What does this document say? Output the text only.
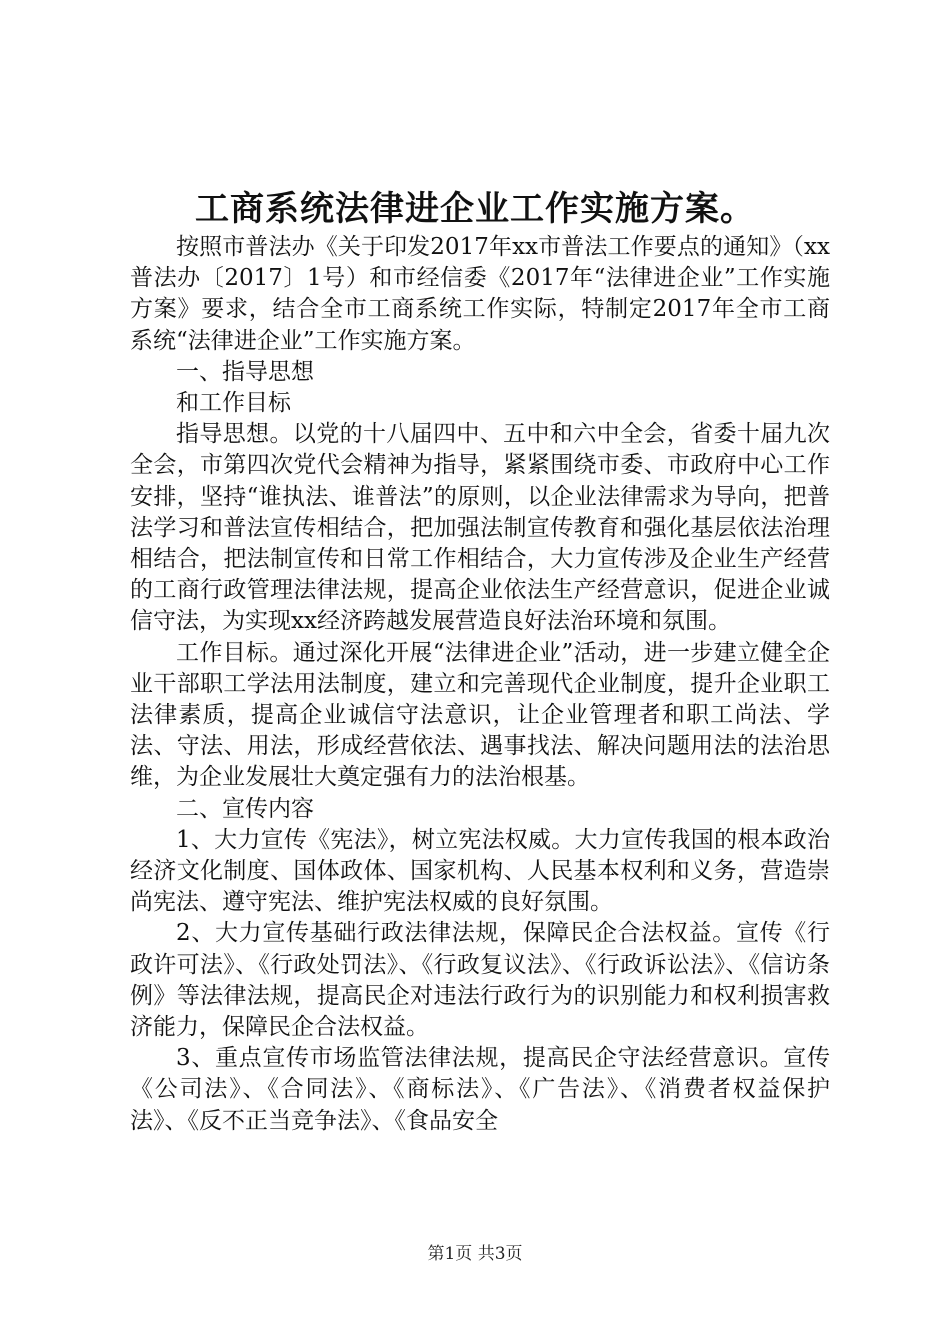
工商系统法律进企业工作实施方案。

按照市普法办《关于印发2017年xx市普法工作要点的通知》（xx普法办〔2017〕1号）和市经信委《2017年“法律进企业”工作实施方案》要求，结合全市工商系统工作实际，特制定2017年全市工商系统“法律进企业”工作实施方案。

一、指导思想

和工作目标

指导思想。以党的十八届四中、五中和六中全会，省委十届九次全会，市第四次党代会精神为指导，紧紧围绕市委、市政府中心工作安排，坚持“谁执法、谁普法”的原则，以企业法律需求为导向，把普法学习和普法宣传相结合，把加强法制宣传教育和强化基层依法治理相结合，把法制宣传和日常工作相结合，大力宣传涉及企业生产经营的工商行政管理法律法规，提高企业依法生产经营意识，促进企业诚信守法，为实现xx经济跨越发展营造良好法治环境和氛围。

工作目标。通过深化开展“法律进企业”活动，进一步建立健全企业干部职工学法用法制度，建立和完善现代企业制度，提升企业职工法律素质，提高企业诚信守法意识，让企业管理者和职工尚法、学法、守法、用法，形成经营依法、遇事找法、解决问题用法的法治思维，为企业发展壮大奠定强有力的法治根基。

二、宣传内容

1、大力宣传《宪法》，树立宪法权威。大力宣传我国的根本政治经济文化制度、国体政体、国家机构、人民基本权利和义务，营造崇尚宪法、遵守宪法、维护宪法权威的良好氛围。

2、大力宣传基础行政法律法规，保障民企合法权益。宣传《行政许可法》、《行政处罚法》、《行政复议法》、《行政诉讼法》、《信访条例》等法律法规，提高民企对违法行政行为的识别能力和权利损害救济能力，保障民企合法权益。

3、重点宣传市场监管法律法规，提高民企守法经营意识。宣传《公司法》、《合同法》、《商标法》、《广告法》、《消费者权益保护法》、《反不正当竞争法》、《食品安全

第1页 共3页
